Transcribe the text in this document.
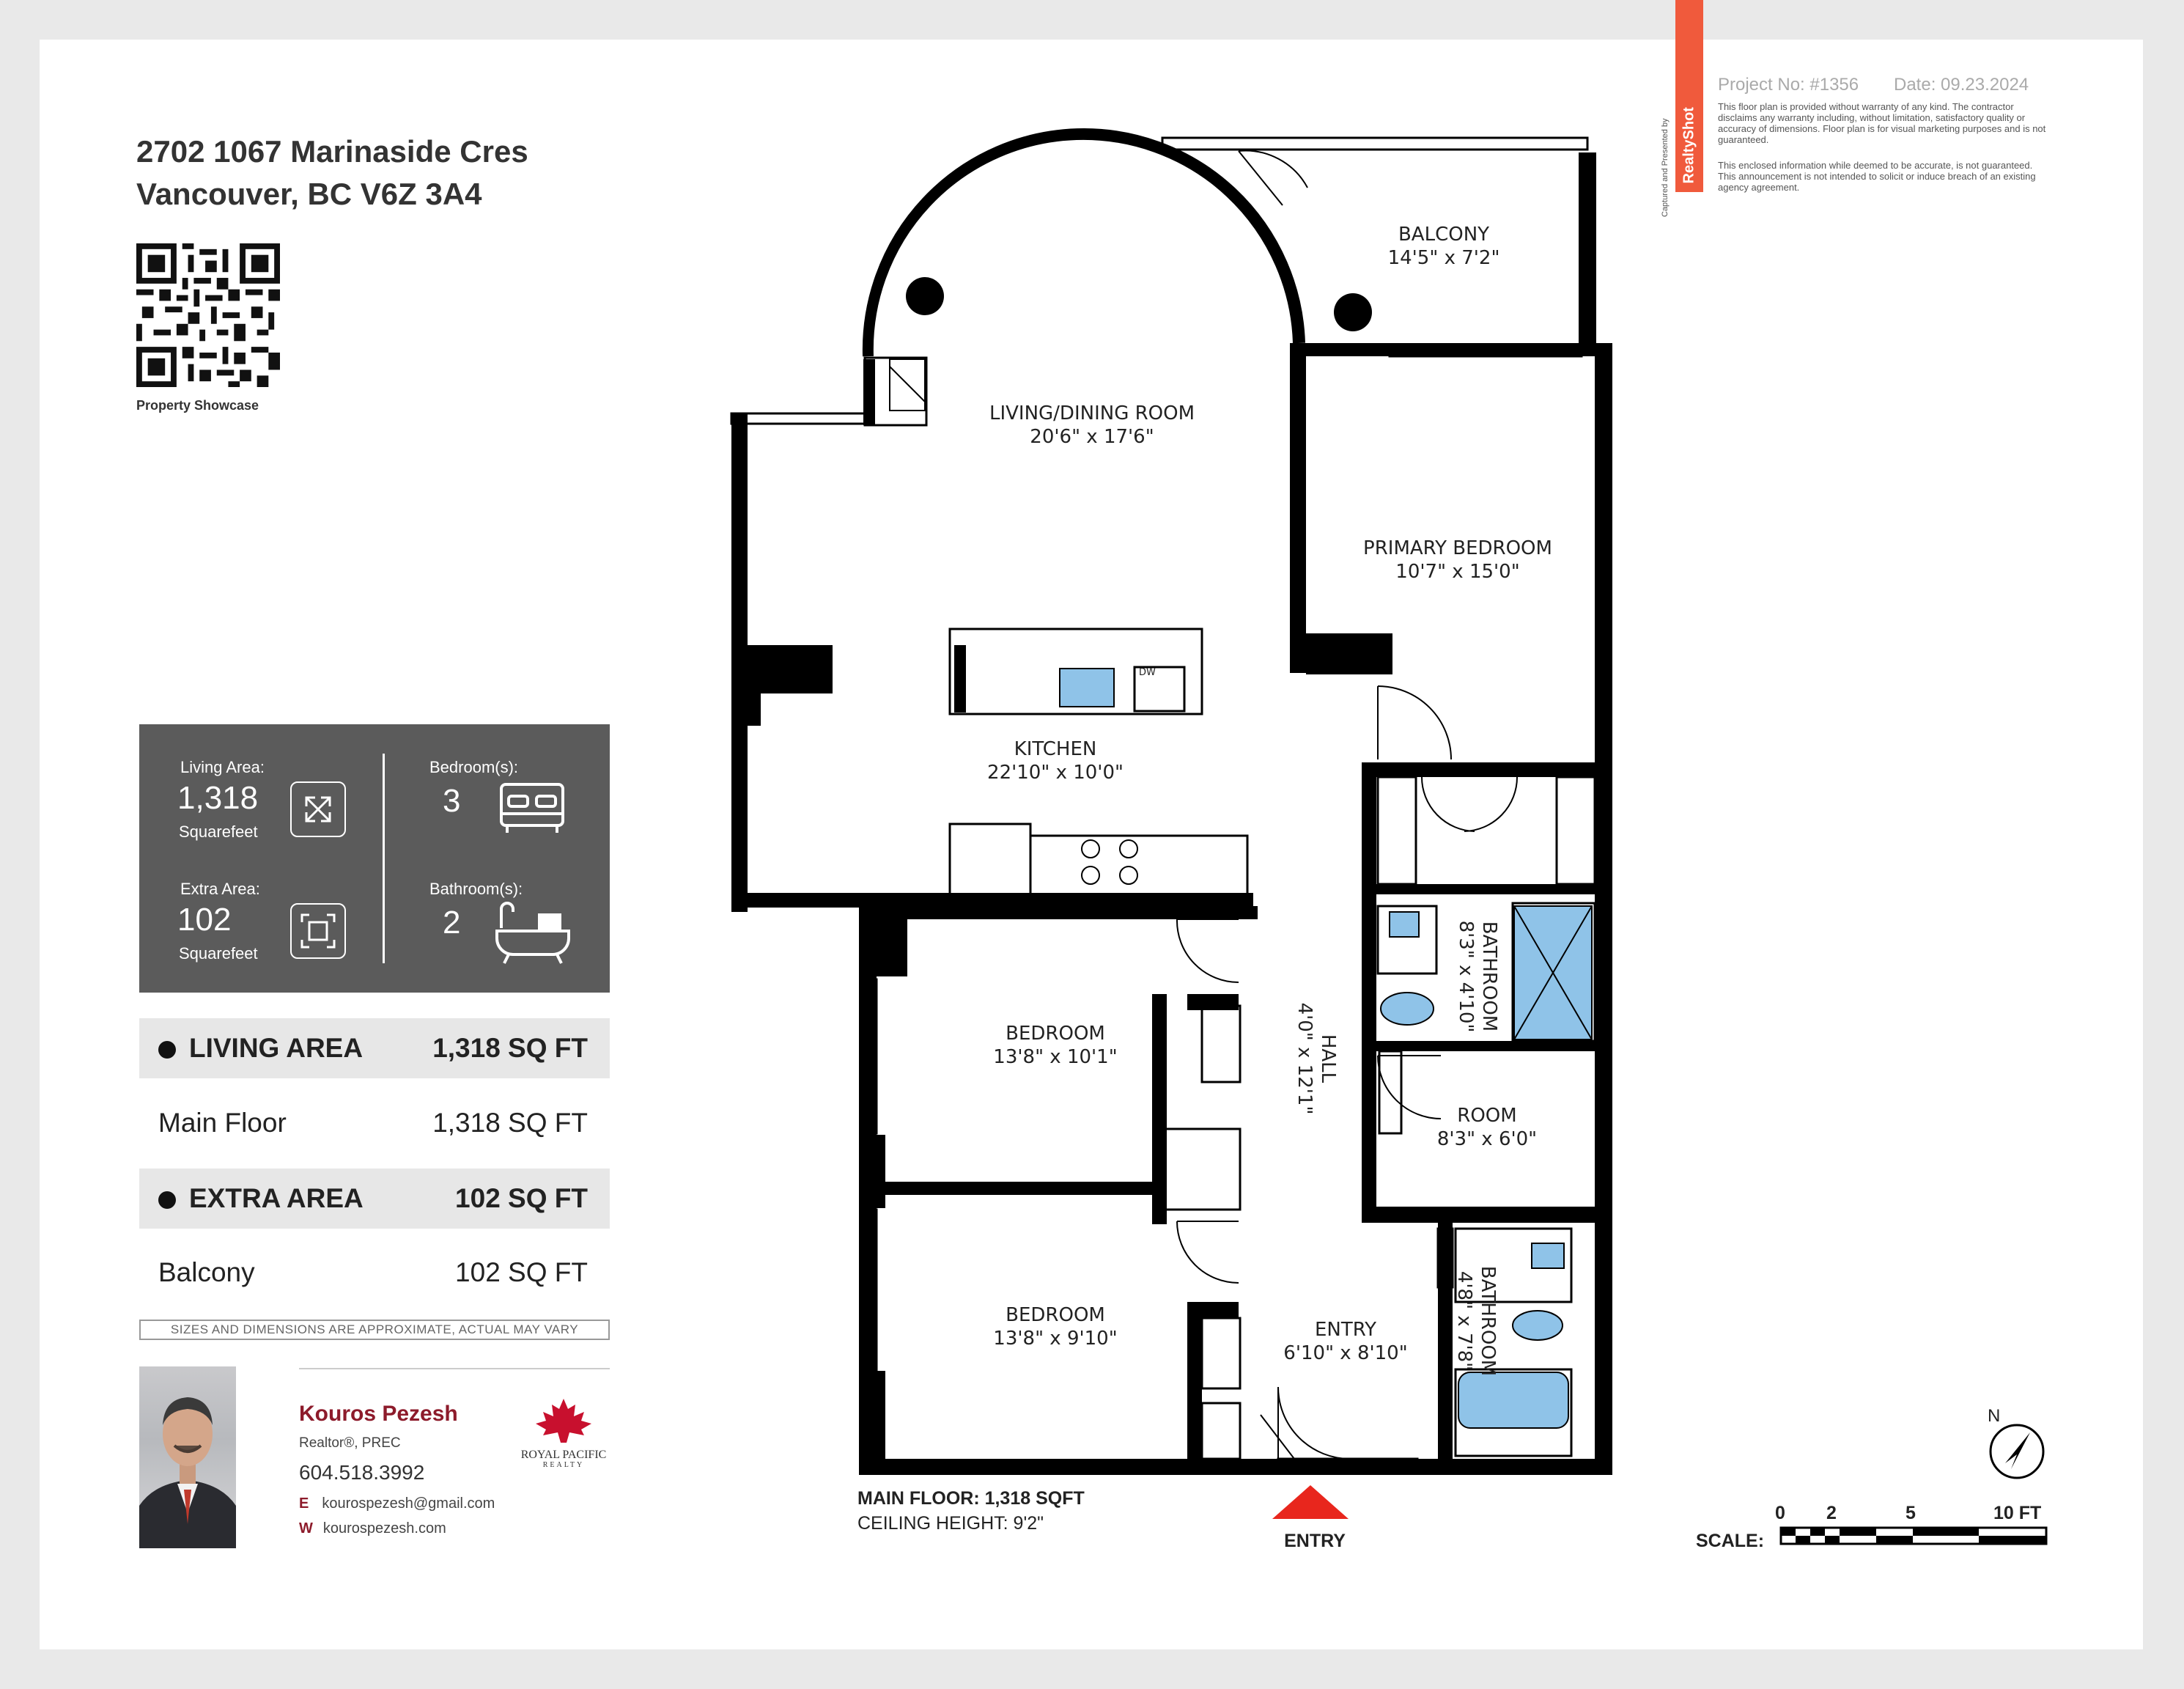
2702 1067 Marinaside Cres
Vancouver, BC V6Z 3A4
Property Showcase
Living Area:
1,318
Squarefeet
Extra Area:
102
Squarefeet
Bedroom(s):
3
Bathroom(s):
2
LIVING AREA	1,318 SQ FT
Main Floor	1,318 SQ FT
EXTRA AREA	102 SQ FT
Balcony	102 SQ FT
SIZES AND DIMENSIONS ARE APPROXIMATE, ACTUAL MAY VARY
Kouros Pezesh
Realtor®, PREC
604.518.3992
E kourospezesh@gmail.com
W kourospezesh.com
ROYAL PACIFIC
REALTY
RealtyShot
Captured and Presented by
Project No: #1356 Date: 09.23.2024
This floor plan is provided without warranty of any kind. The contractor disclaims any warranty including, without limitation, satisfactory quality or accuracy of dimensions. Floor plan is for visual marketing purposes and is not guaranteed.
This enclosed information while deemed to be accurate, is not guaranteed. This announcement is not intended to solicit or induce breach of an existing agency agreement.
BALCONY
14'5" x 7'2"
LIVING/DINING ROOM
20'6" x 17'6"
PRIMARY BEDROOM
10'7" x 15'0"
DW
KITCHEN
22'10" x 10'0"
BATHROOM
8'3" x 4'10"
HALL
4'0" x 12'1"
BEDROOM
13'8" x 10'1"
ROOM
8'3" x 6'0"
BATHROOM
4'8" x 7'8"
BEDROOM
13'8" x 9'10"	ENTRY
6'10" x 8'10"
MAIN FLOOR: 1,318 SQFT
CEILING HEIGHT: 9'2"
ENTRY
N
SCALE:
0 2	5	10 FT
